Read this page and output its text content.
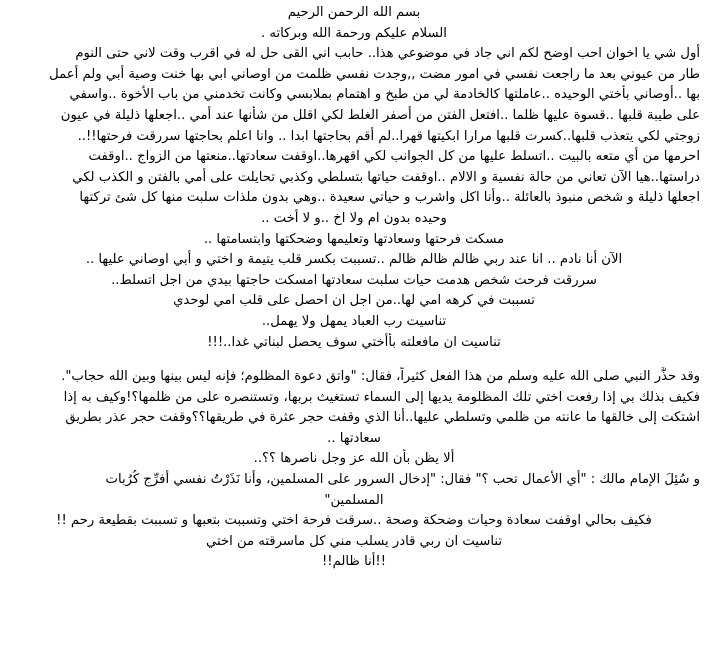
بسم الله الرحمن الرحيم
السلام عليكم ورحمة الله وبركاته .
أول شي يا اخوان احب اوضح لكم اني جاد في موضوعي هذا.. حابب اني القى حل له في اقرب وقت لاني حتى النوم
طار من عيوني بعد ما راجعت نفسي في امور مضت ,,وجدت نفسي ظلمت من اوصاني ابي بها خنت وصية أبي ولم أعمل
بها ..أوصاني بأختي الوحيده ..عاملتها كالخادمة لي من طبخ و اهتمام بملابسي وكانت تخدمني من باب الأخوة ..واسفي
على طيبة قلبها ..قسوة عليها ظلما ..افتعل الفتن من أصفر الغلط لكي اقلل من شأنها عند أمي ..اجعلها ذليلة في عيون
زوجتي لكي يتعذب قلبها..كسرت قلبها مرارا ابكيتها قهرا..لم أقم بحاجتها ابدا .. وانا اعلم بحاجتها سررقت فرحتها!!..
احرمها من أي متعه بالبيت ..اتسلط عليها من كل الجوانب لكي اقهرها..اوقفت سعادتها..منعتها من الزواج ..اوقفت
دراستها..هيا الآن تعاني من حالة نفسية و الالام ..اوقفت حياتها بتسلطي وكذبي تحايلت على أمي بالفتن و الكذب لكي
اجعلها ذليلة و شخص منبوذ بالعائلة ..وأنا اكل واشرب و حياتي سعيدة ..وهي بدون ملذات سلبت منها كل شئ تركتها
وحيده بدون ام ولا اخ ..و لا أخت ..
مسكت فرحتها وسعادتها وتعليمها وضحكتها وابتسامتها ..
الآن أنا نادم .. انا عند ربي ظالم ظالم ظالم ..تسببت بكسر قلب يتيمة و اختي و أبي اوصاني عليها ..
سررقت فرحت شخص هدمت حيات سلبت سعادتها امسكت حاجتها بيدي من اجل اتسلط..
تسببت في كرهه امي لها..من اجل ان احصل على قلب امي لوحدي
تناسيت رب العباد يمهل ولا يهمل..
تناسيت ان مافعلته بأأختي سوف يحصل لبناتي غدا..!!!
وقد حذَّر النبي صلى الله عليه وسلم من هذا الفعل كثيراً، فقال: "واتق دعوة المظلوم؛ فإنه ليس بينها وبين الله حجاب".
فكيف بذلك بي إذا رفعت اختي تلك المظلومة يديها إلى السماء تستغيث بربها، وتستنصره على من ظلمها؟!وكيف به إذا
اشتكت إلى خالقها ما عانته من ظلمي وتسلطي عليها..أنا الذي وقفت حجر عثرة في طريقها؟؟وقفت حجر عذر بطريق
سعادتها ..
ألا يظن بأن الله عز وجل ناصرها ؟؟..
و سُئِلَ الإمام مالك : "أي الأعمال تحب ؟" فقال: "إدخال السرور على المسلمين، وأنا نَذَرْتُ نفسي أُفرِّج كُرُبات
المسلمين"
فكيف بحالي اوقفت سعادة وحيات وضحكة وصحة ..سرقت فرحة اختي وتسببت بتعبها و تسببت بقطيعة رحم !!
تناسيت ان ربي قادر يسلب مني كل ماسرقته من اختي
!!أنا ظالم!!
